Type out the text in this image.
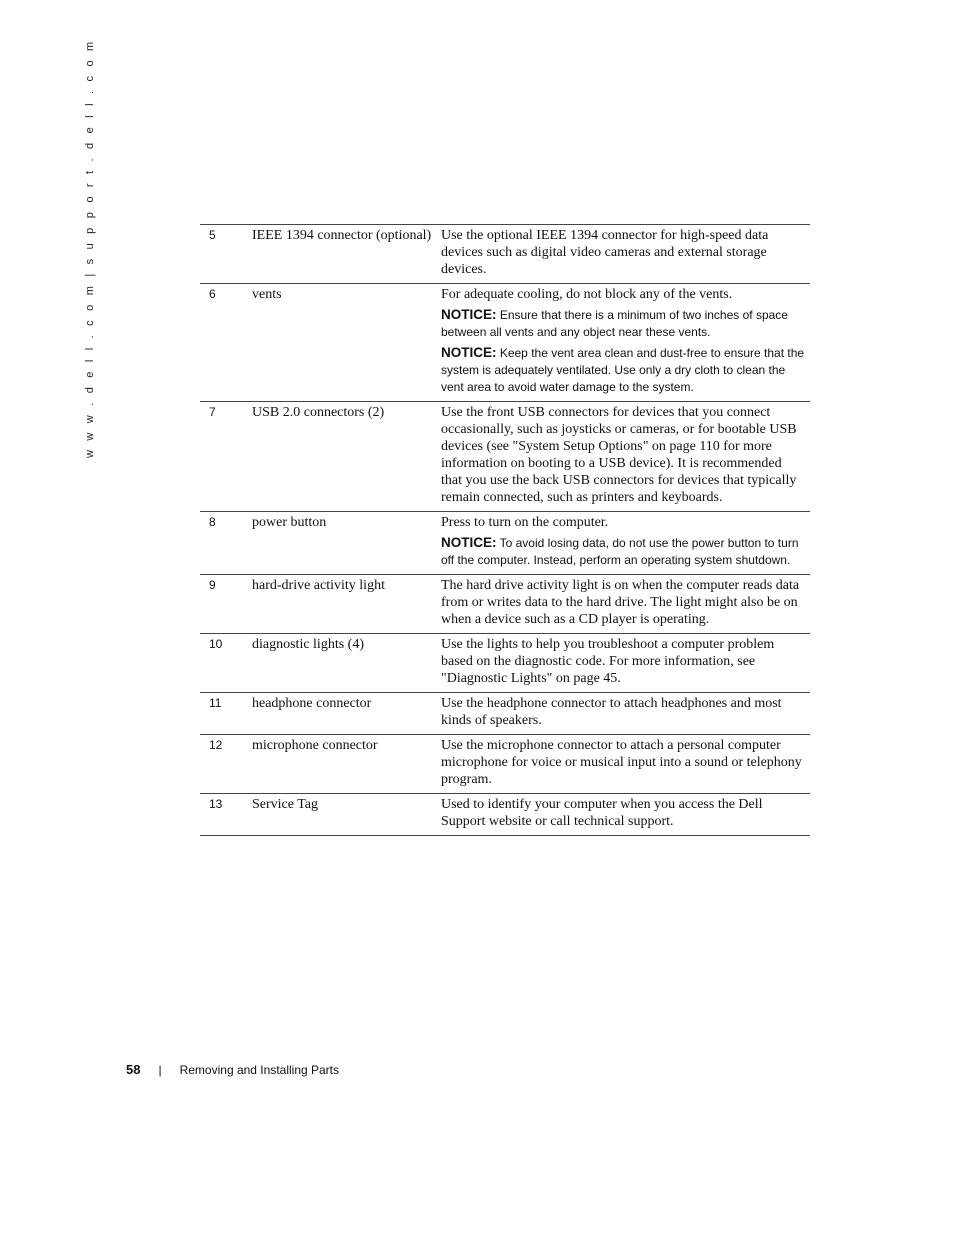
w w w . d e l l . c o m | s u p p o r t . d e l l . c o m	5	IEEE 1394 connector (optional)	Use the optional IEEE 1394 connector for high-speed data devices such as digital video cameras and external storage devices.

6	vents	For adequate cooling, do not block any of the vents.
NOTICE: Ensure that there is a minimum of two inches of space between all vents and any object near these vents.
NOTICE: Keep the vent area clean and dust-free to ensure that the system is adequately ventilated. Use only a dry cloth to clean the vent area to avoid water damage to the system.

7	USB 2.0 connectors (2)	Use the front USB connectors for devices that you connect occasionally, such as joysticks or cameras, or for bootable USB devices (see "System Setup Options" on page 110 for more information on booting to a USB device). It is recommended that you use the back USB connectors for devices that typically remain connected, such as printers and keyboards.

8	power button	Press to turn on the computer.
NOTICE: To avoid losing data, do not use the power button to turn off the computer. Instead, perform an operating system shutdown.

9	hard-drive activity light	The hard drive activity light is on when the computer reads data from or writes data to the hard drive. The light might also be on when a device such as a CD player is operating.

10	diagnostic lights (4)	Use the lights to help you troubleshoot a computer problem based on the diagnostic code. For more information, see "Diagnostic Lights" on page 45.

11	headphone connector	Use the headphone connector to attach headphones and most kinds of speakers.

12	microphone connector	Use the microphone connector to attach a personal computer microphone for voice or musical input into a sound or telephony program.

13	Service Tag	Used to identify your computer when you access the Dell Support website or call technical support.
58 | Removing and Installing Parts
